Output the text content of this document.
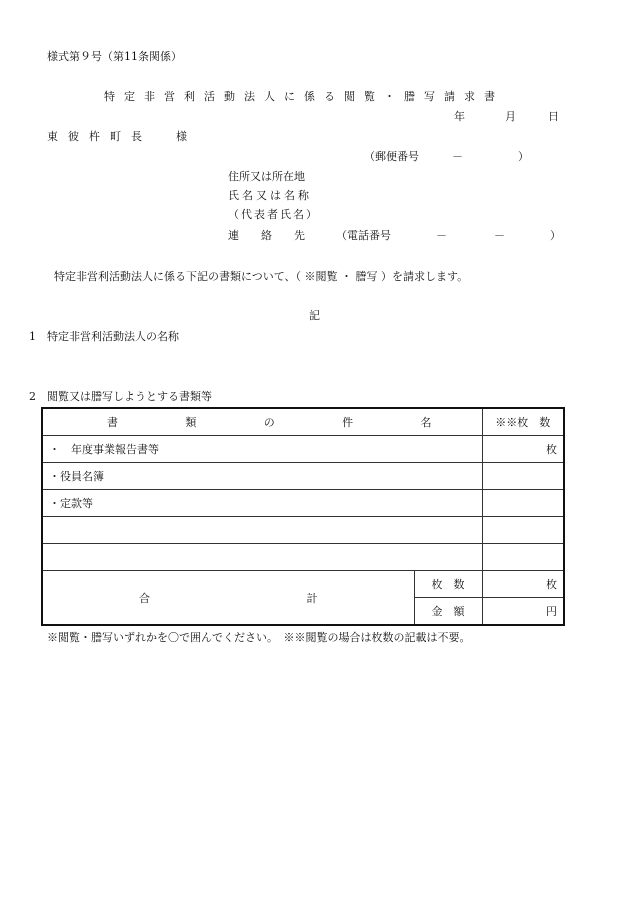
様式第９号（第11条関係）
特定非営利活動法人に係る閲覧・謄写請求書
年	月	日
東彼杵町長 様
（郵便番号	－	）
住所又は所在地
氏名又は名称
（代表者氏名）
連　　絡　　先	（電話番号	－	－	）
特定非営利活動法人に係る下記の書類について、（ ※閲覧 ・ 謄写 ）を請求します。
記
1　特定非営利活動法人の名称
2　閲覧又は謄写しようとする書類等
書 類 の 件 名		※※枚　数
・　年度事業報告書等		枚
・役員名簿		
・定款等		

合 計	枚　数	枚
	金　額	円
※閲覧・謄写いずれかを〇で囲んでください。　※※閲覧の場合は枚数の記載は不要。
